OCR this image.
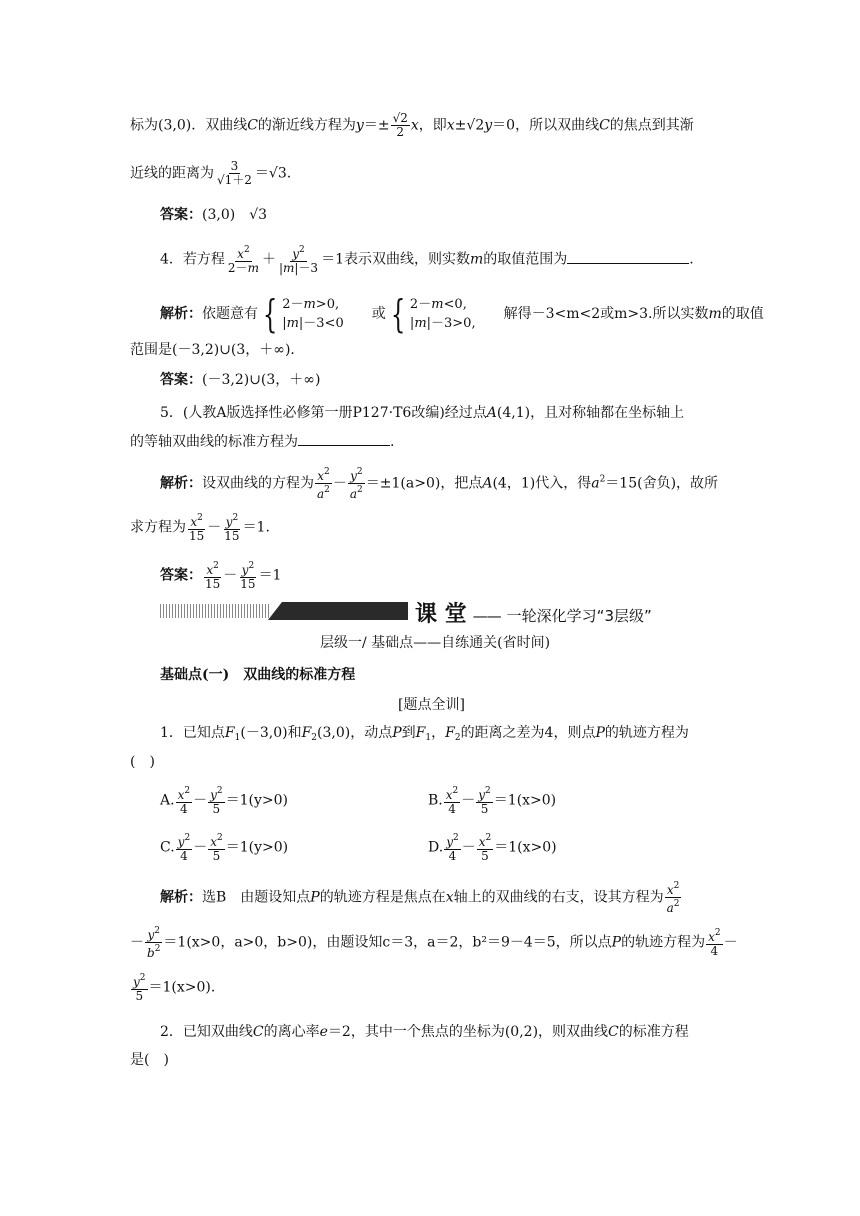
标为(3,0)．双曲线C的渐近线方程为$y=\pm \frac{√2}{2}$ x，即x±√2y＝0，所以双曲线C的焦点到其渐
近线的距离为 $\frac{3}{√1+2} =√3$.
答案：(3,0)　√3
4．若方程 $\frac{x^2}{2-m} + \frac{y^2}{|m|-3} =1$表示双曲线，则实数m的取值范围为	.
解析：依题意有 { 2－m>0,
|m|－3<0
　　或 { 2－m<0,
|m|－3>0,
　　解得－3<m<2或m>3.所以实数m的取值
范围是(－3,2)∪(3，＋∞)．
答案：(－3,2)∪(3，＋∞)
5．(人教A版选择性必修第一册P127·T6改编)经过点A(4,1)，且对称轴都在坐标轴上
的等轴双曲线的标准方程为	.
解析：设双曲线的方程为 $\frac{x^2}{a^2} - \frac{y^2}{a^2} =\pm 1(a>0)$，把点A(4，1)代入，得$a^2=15$(舍负)，故所
求方程为 $\frac{x^2}{15} - \frac{y^2}{15} =1$.
答案： $\frac{x^2}{15} - \frac{y^2}{15} =1$
课 堂 —— 一轮深化学习“3层级”
层级一/ 基础点——自练通关(省时间)
基础点(一)　双曲线的标准方程
[题点全训]
1．已知点$F_1(-3,0)$和$F_2(3,0)$，动点P到$F_1$，$F_2$的距离之差为4，则点P的轨迹方程为
(　)
A. $\frac{x^2}{4} - \frac{y^2}{5} =1(y>0)$	B. $\frac{x^2}{4} - \frac{y^2}{5} =1(x>0)$
C. $\frac{y^2}{4} - \frac{x^2}{5} =1(y>0)$	D. $\frac{y^2}{4} - \frac{x^2}{5} =1(x>0)$
解析：选B　由题设知点P的轨迹方程是焦点在x轴上的双曲线的右支，设其方程为 $\frac{x^2}{a^2}$
－ $\frac{y^2}{b^2} =1(x>0$，a>0，b>0)，由题设知c＝3，a＝2，b²＝9－4＝5，所以点P的轨迹方程为 $\frac{x^2}{4}$ －
$\frac{y^2}{5} =1(x>0)$.
2．已知双曲线C的离心率e＝2，其中一个焦点的坐标为(0,2)，则双曲线C的标准方程
是(　)
